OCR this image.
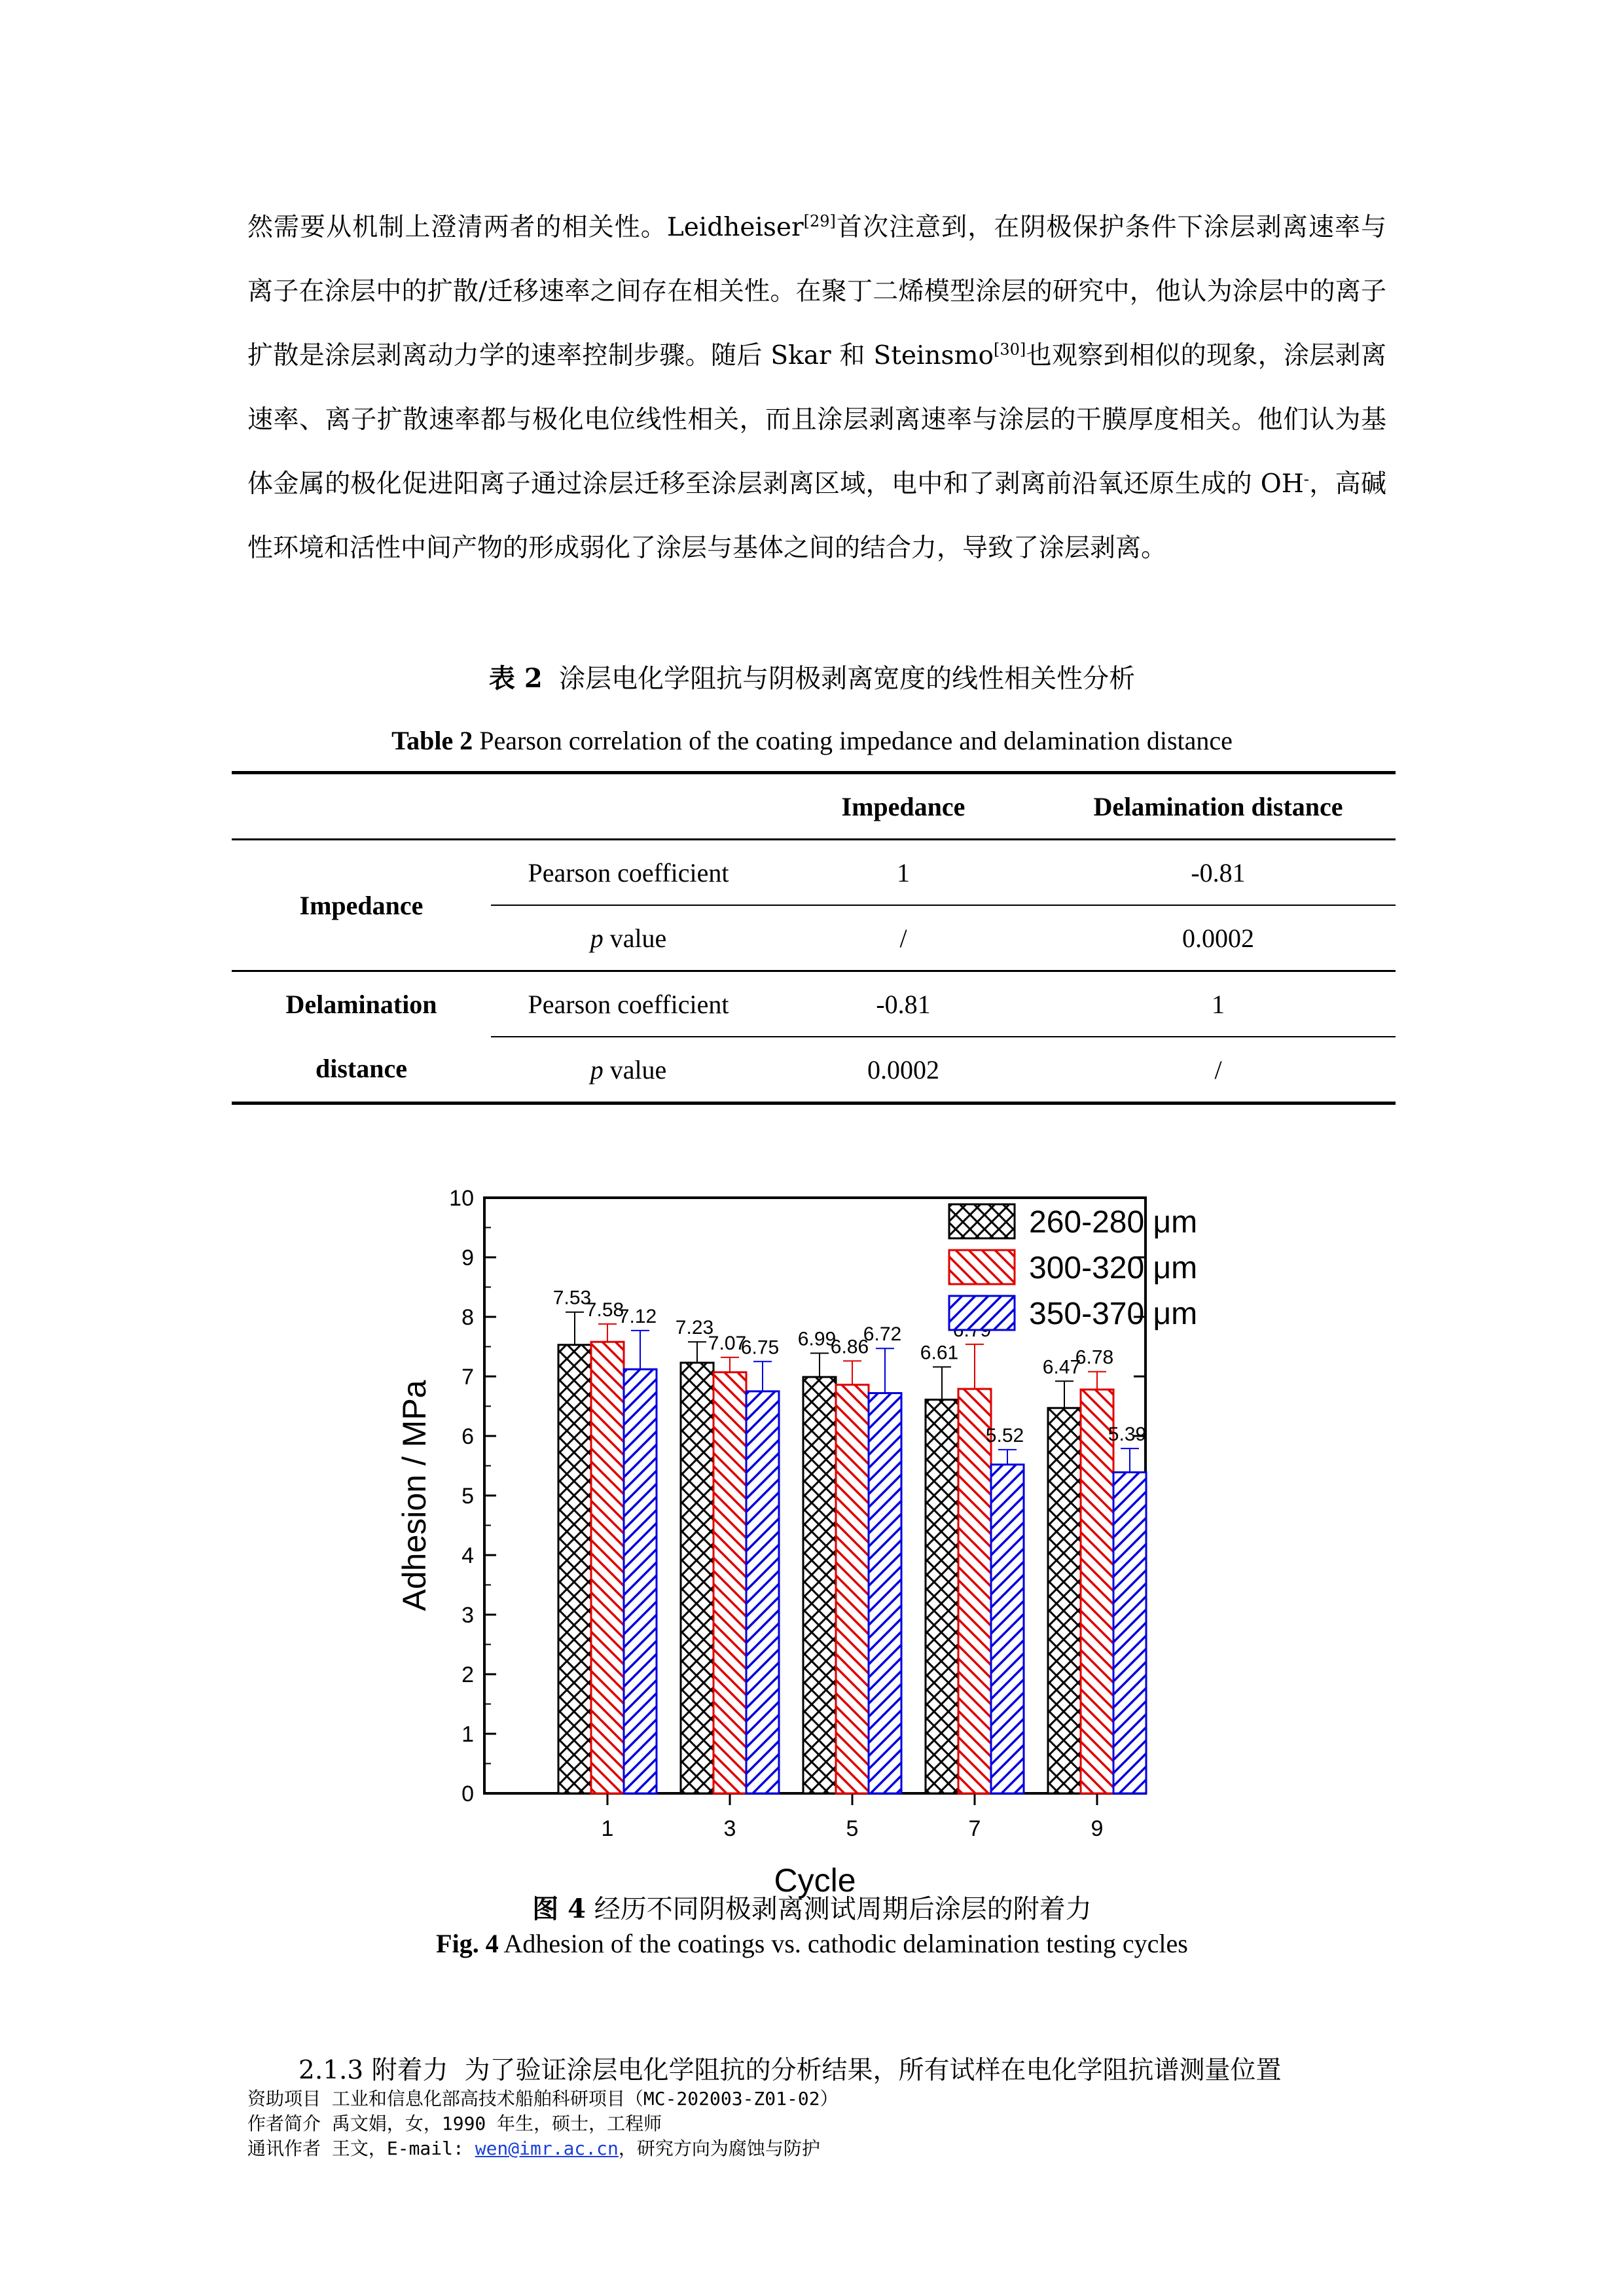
然需要从机制上澄清两者的相关性。Leidheiser[29]首次注意到，在阴极保护条件下涂层剥离速率与离子在涂层中的扩散/迁移速率之间存在相关性。在聚丁二烯模型涂层的研究中，他认为涂层中的离子扩散是涂层剥离动力学的速率控制步骤。随后 Skar 和 Steinsmo[30]也观察到相似的现象，涂层剥离速率、离子扩散速率都与极化电位线性相关，而且涂层剥离速率与涂层的干膜厚度相关。他们认为基体金属的极化促进阳离子通过涂层迁移至涂层剥离区域，电中和了剥离前沿氧还原生成的 OH-，高碱性环境和活性中间产物的形成弱化了涂层与基体之间的结合力，导致了涂层剥离。
表 2 涂层电化学阻抗与阴极剥离宽度的线性相关性分析
Table 2 Pearson correlation of the coating impedance and delamination distance
		Impedance	Delamination distance
Impedance	Pearson coefficient	1	-0.81
	p value	/	0.0002
Delamination
distance	Pearson coefficient	-0.81	1
	p value	0.0002	/
0
1
2
3
4
5
6
7
8
9
10
1
7.53
7.58
7.12
3
7.23
7.07
6.75
5
6.99
6.86
6.72
7
6.61
5.52
9
6.47
6.78
5.39
Cycle
Adhesion / MPa
260-280 μm
300-320 μm
350-370 μm
图 4 经历不同阴极剥离测试周期后涂层的附着力
Fig. 4 Adhesion of the coatings vs. cathodic delamination testing cycles
2.1.3 附着力 为了验证涂层电化学阻抗的分析结果，所有试样在电化学阻抗谱测量位置
资助项目 工业和信息化部高技术船舶科研项目（MC-202003-Z01-02）
作者简介 禹文娟，女，1990 年生，硕士，工程师
通讯作者 王文，E-mail: wen@imr.ac.cn，研究方向为腐蚀与防护
